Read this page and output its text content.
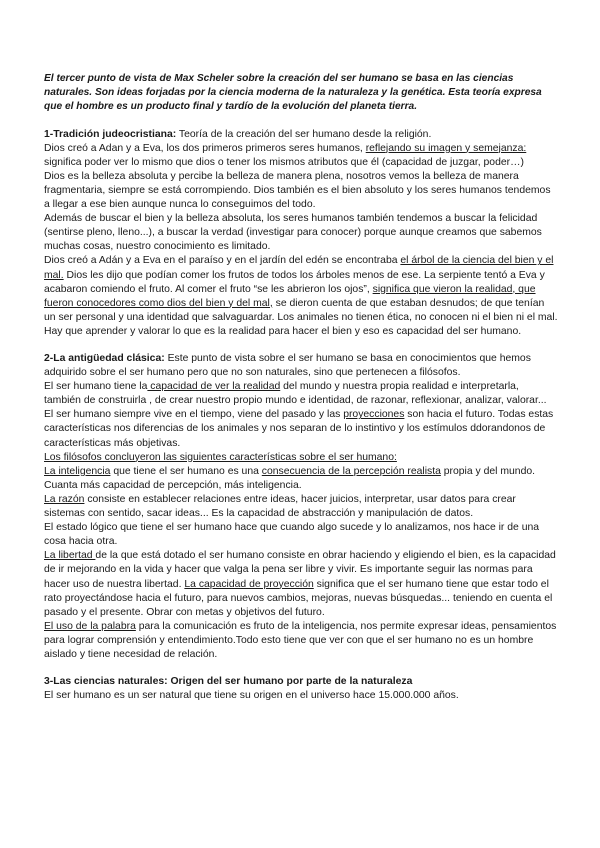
El tercer punto de vista de Max Scheler sobre la creación del ser humano se basa en las ciencias naturales. Son ideas forjadas por la ciencia moderna de la naturaleza y la genética. Esta teoría expresa que el hombre es un producto final y tardío de la evolución del planeta tierra.

1-Tradición judeocristiana: Teoría de la creación del ser humano desde la religión.

Dios creó a Adan y a Eva, los dos primeros primeros seres humanos, reflejando su imagen y semejanza: significa poder ver lo mismo que dios o tener los mismos atributos que él (capacidad de juzgar, poder…)

Dios es la belleza absoluta y percibe la belleza de manera plena, nosotros vemos la belleza de manera fragmentaria, siempre se está corrompiendo. Dios también es el bien absoluto y los seres humanos tendemos a llegar a ese bien aunque nunca lo conseguimos del todo.

Además de buscar el bien y la belleza absoluta, los seres humanos también tendemos a buscar la felicidad (sentirse pleno, lleno...), a buscar la verdad (investigar para conocer) porque aunque creamos que sabemos muchas cosas, nuestro conocimiento es limitado.

Dios creó a Adán y a Eva en el paraíso y en el jardín del edén se encontraba el árbol de la ciencia del bien y el mal. Dios les dijo que podían comer los frutos de todos los árboles menos de ese. La serpiente tentó a Eva y acabaron comiendo el fruto. Al comer el fruto “se les abrieron los ojos”, significa que vieron la realidad, que fueron conocedores como dios del bien y del mal, se dieron cuenta de que estaban desnudos; de que tenían un ser personal y una identidad que salvaguardar. Los animales no tienen ética, no conocen ni el bien ni el mal. Hay que aprender y valorar lo que es la realidad para hacer el bien y eso es capacidad del ser humano.

2-La antigüedad clásica: Este punto de vista sobre el ser humano se basa en conocimientos que hemos adquirido sobre el ser humano pero que no son naturales, sino que pertenecen a filósofos.

El ser humano tiene la capacidad de ver la realidad del mundo y nuestra propia realidad e interpretarla, también de construirla , de crear nuestro propio mundo e identidad, de razonar, reflexionar, analizar, valorar...

El ser humano siempre vive en el tiempo, viene del pasado y las proyecciones son hacia el futuro. Todas estas características nos diferencias de los animales y nos separan de lo instintivo y los estímulos ddorandonos de características más objetivas.

Los filósofos concluyeron las siguientes características sobre el ser humano:

La inteligencia que tiene el ser humano es una consecuencia de la percepción realista propia y del mundo. Cuanta más capacidad de percepción, más inteligencia.

La razón consiste en establecer relaciones entre ideas, hacer juicios, interpretar, usar datos para crear sistemas con sentido, sacar ideas... Es la capacidad de abstracción y manipulación de datos.

El estado lógico que tiene el ser humano hace que cuando algo sucede y lo analizamos, nos hace ir de una cosa hacia otra.

La libertad de la que está dotado el ser humano consiste en obrar haciendo y eligiendo el bien, es la capacidad de ir mejorando en la vida y hacer que valga la pena ser libre y vivir. Es importante seguir las normas para hacer uso de nuestra libertad. La capacidad de proyección significa que el ser humano tiene que estar todo el rato proyectándose hacia el futuro, para nuevos cambios, mejoras, nuevas búsquedas... teniendo en cuenta el pasado y el presente. Obrar con metas y objetivos del futuro.

El uso de la palabra para la comunicación es fruto de la inteligencia, nos permite expresar ideas, pensamientos para lograr comprensión y entendimiento.Todo esto tiene que ver con que el ser humano no es un hombre aislado y tiene necesidad de relación.

3-Las ciencias naturales: Origen del ser humano por parte de la naturaleza

El ser humano es un ser natural que tiene su origen en el universo hace 15.000.000 años.
